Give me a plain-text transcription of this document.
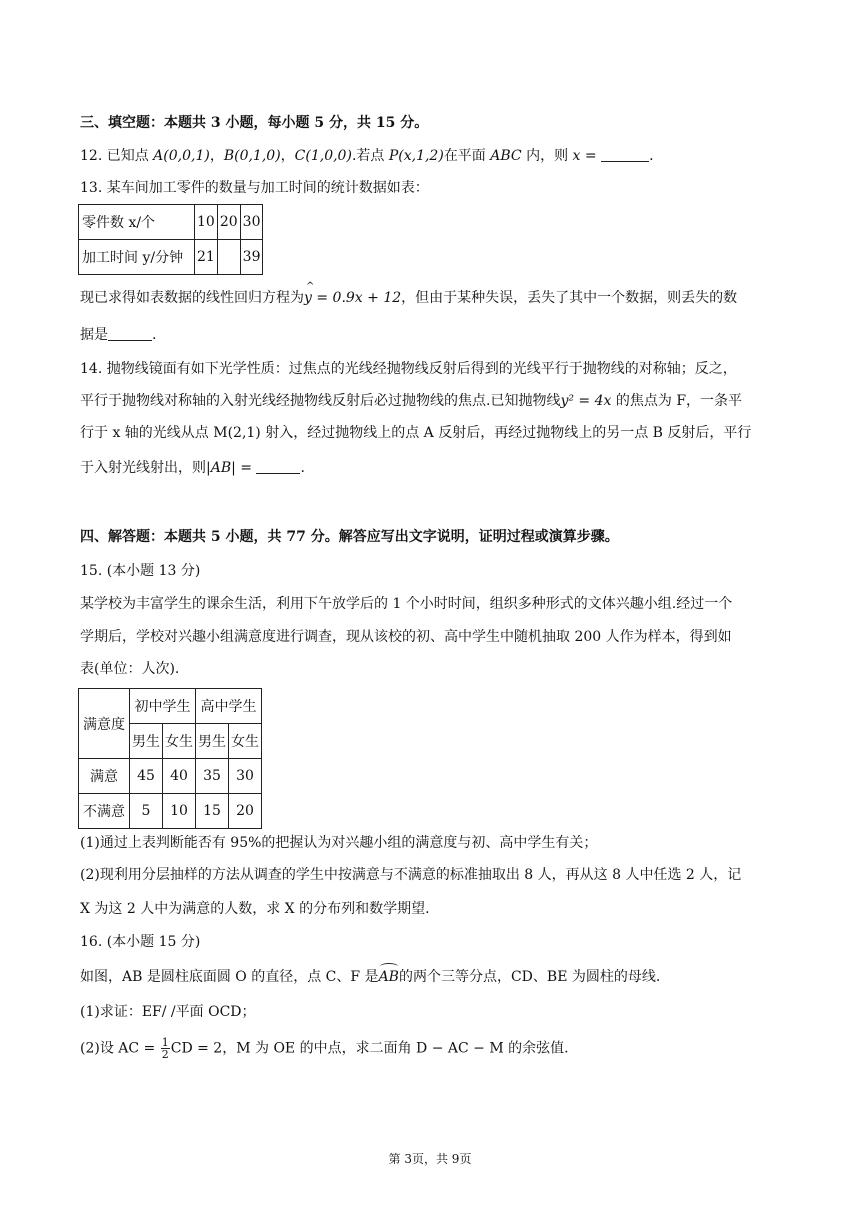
三、填空题：本题共 3 小题，每小题 5 分，共 15 分。
12. 已知点 A(0,0,1)，B(0,1,0)，C(1,0,0).若点 P(x,1,2)在平面 ABC 内，则 x =	.
13. 某车间加工零件的数量与加工时间的统计数据如表：
零件数 x/个	10	20	30
加工时间 y/分钟	21		39
现已求得如表数据的线性回归方程为^ y = 0.9x + 12，但由于某种失误，丢失了其中一个数据，则丢失的数
据是	.
14. 抛物线镜面有如下光学性质：过焦点的光线经抛物线反射后得到的光线平行于抛物线的对称轴；反之，
平行于抛物线对称轴的入射光线经抛物线反射后必过抛物线的焦点.已知抛物线y² = 4x 的焦点为 F，一条平
行于 x 轴的光线从点 M(2,1) 射入，经过抛物线上的点 A 反射后，再经过抛物线上的另一点 B 反射后，平行
于入射光线射出，则|AB| =	.
四、解答题：本题共 5 小题，共 77 分。解答应写出文字说明，证明过程或演算步骤。
15. (本小题 13 分)
某学校为丰富学生的课余生活，利用下午放学后的 1 个小时时间，组织多种形式的文体兴趣小组.经过一个
学期后，学校对兴趣小组满意度进行调查，现从该校的初、高中学生中随机抽取 200 人作为样本，得到如
表(单位：人次).
满意度	初中学生		高中学生	
	男生	女生	男生	女生
满意	45	40	35	30
不满意	5	10	15	20
(1)通过上表判断能否有 95%的把握认为对兴趣小组的满意度与初、高中学生有关；
(2)现利用分层抽样的方法从调查的学生中按满意与不满意的标准抽取出 8 人，再从这 8 人中任选 2 人，记
X 为这 2 人中为满意的人数，求 X 的分布列和数学期望.
16. (本小题 15 分)
如图，AB 是圆柱底面圆 O 的直径，点 C、F 是AB的两个三等分点，CD、BE 为圆柱的母线.
(1)求证：EF/ /平面 OCD；
(2)设 AC = $\frac{1}{2}$ CD = 2，M 为 OE 的中点，求二面角 D − AC − M 的余弦值.
第 3页，共 9页
